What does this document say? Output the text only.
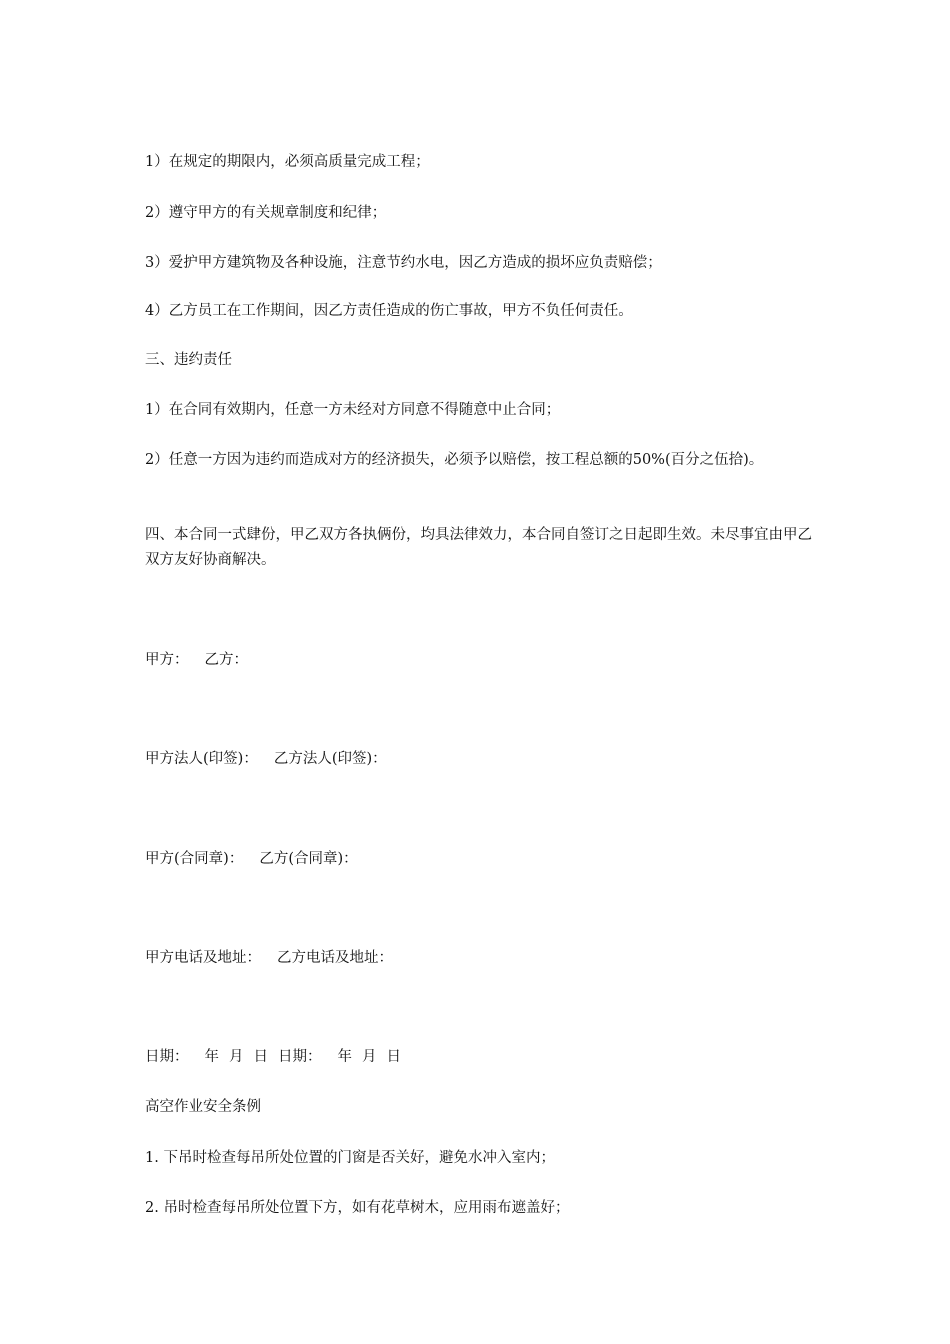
1）在规定的期限内，必须高质量完成工程；
2）遵守甲方的有关规章制度和纪律；
3）爱护甲方建筑物及各种设施，注意节约水电，因乙方造成的损坏应负责赔偿；
4）乙方员工在工作期间，因乙方责任造成的伤亡事故，甲方不负任何责任。
三、违约责任
1）在合同有效期内，任意一方未经对方同意不得随意中止合同；
2）任意一方因为违约而造成对方的经济损失，必须予以赔偿，按工程总额的50%(百分之伍拾)。
四、本合同一式肆份，甲乙双方各执俩份，均具法律效力，本合同自签订之日起即生效。未尽事宜由甲乙双方友好协商解决。
甲方： 乙方：
甲方法人(印签)： 乙方法人(印签)：
甲方(合同章)： 乙方(合同章)：
甲方电话及地址： 乙方电话及地址：
日期： 年 月 日 日期： 年 月 日
高空作业安全条例
1. 下吊时检查每吊所处位置的门窗是否关好，避免水冲入室内；
2. 吊时检查每吊所处位置下方，如有花草树木，应用雨布遮盖好；
